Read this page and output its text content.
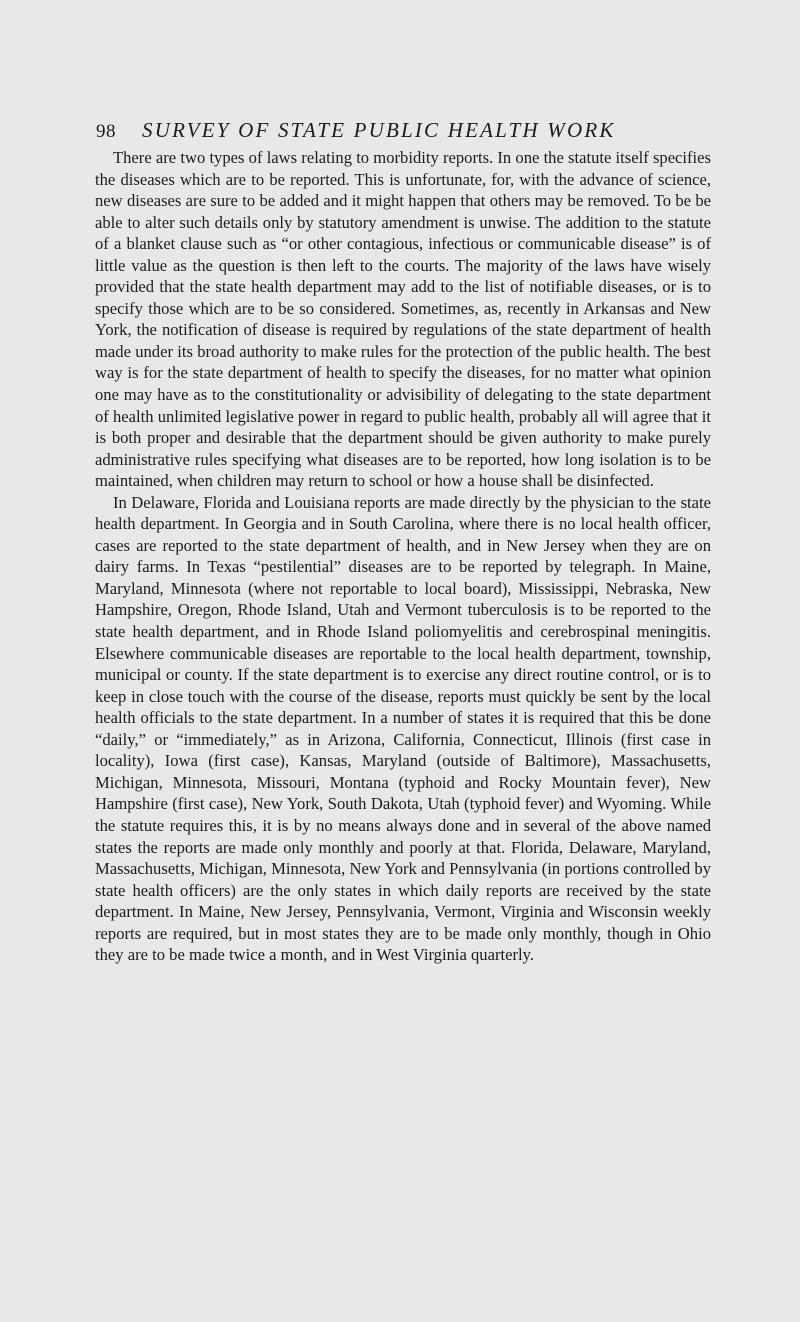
98 SURVEY OF STATE PUBLIC HEALTH WORK

There are two types of laws relating to morbidity reports. In one the statute itself specifies the diseases which are to be reported. This is unfortunate, for, with the advance of science, new diseases are sure to be added and it might happen that others may be removed. To be be able to alter such details only by statutory amendment is unwise. The addition to the statute of a blanket clause such as “or other contagious, infectious or communicable disease” is of little value as the question is then left to the courts. The majority of the laws have wisely provided that the state health department may add to the list of notifiable diseases, or is to specify those which are to be so considered. Sometimes, as, recently in Arkansas and New York, the notification of disease is required by regulations of the state department of health made under its broad authority to make rules for the protection of the public health. The best way is for the state department of health to specify the diseases, for no matter what opinion one may have as to the constitutionality or advisibility of delegating to the state department of health unlimited legislative power in regard to public health, probably all will agree that it is both proper and desirable that the department should be given authority to make purely administrative rules specifying what diseases are to be reported, how long isolation is to be maintained, when children may return to school or how a house shall be disinfected.

In Delaware, Florida and Louisiana reports are made directly by the physician to the state health department. In Georgia and in South Carolina, where there is no local health officer, cases are reported to the state department of health, and in New Jersey when they are on dairy farms. In Texas “pestilential” diseases are to be reported by telegraph. In Maine, Maryland, Minnesota (where not reportable to local board), Mississippi, Nebraska, New Hampshire, Oregon, Rhode Island, Utah and Vermont tuberculosis is to be reported to the state health department, and in Rhode Island poliomyelitis and cerebrospinal meningitis. Elsewhere communicable diseases are reportable to the local health department, township, municipal or county. If the state department is to exercise any direct routine control, or is to keep in close touch with the course of the disease, reports must quickly be sent by the local health officials to the state department. In a number of states it is required that this be done “daily,” or “immediately,” as in Arizona, California, Connecticut, Illinois (first case in locality), Iowa (first case), Kansas, Maryland (outside of Baltimore), Massachusetts, Michigan, Minnesota, Missouri, Montana (typhoid and Rocky Mountain fever), New Hampshire (first case), New York, South Dakota, Utah (typhoid fever) and Wyoming. While the statute requires this, it is by no means always done and in several of the above named states the reports are made only monthly and poorly at that. Florida, Delaware, Maryland, Massachusetts, Michigan, Minnesota, New York and Pennsylvania (in portions controlled by state health officers) are the only states in which daily reports are received by the state department. In Maine, New Jersey, Pennsylvania, Vermont, Virginia and Wisconsin weekly reports are required, but in most states they are to be made only monthly, though in Ohio they are to be made twice a month, and in West Virginia quarterly.
